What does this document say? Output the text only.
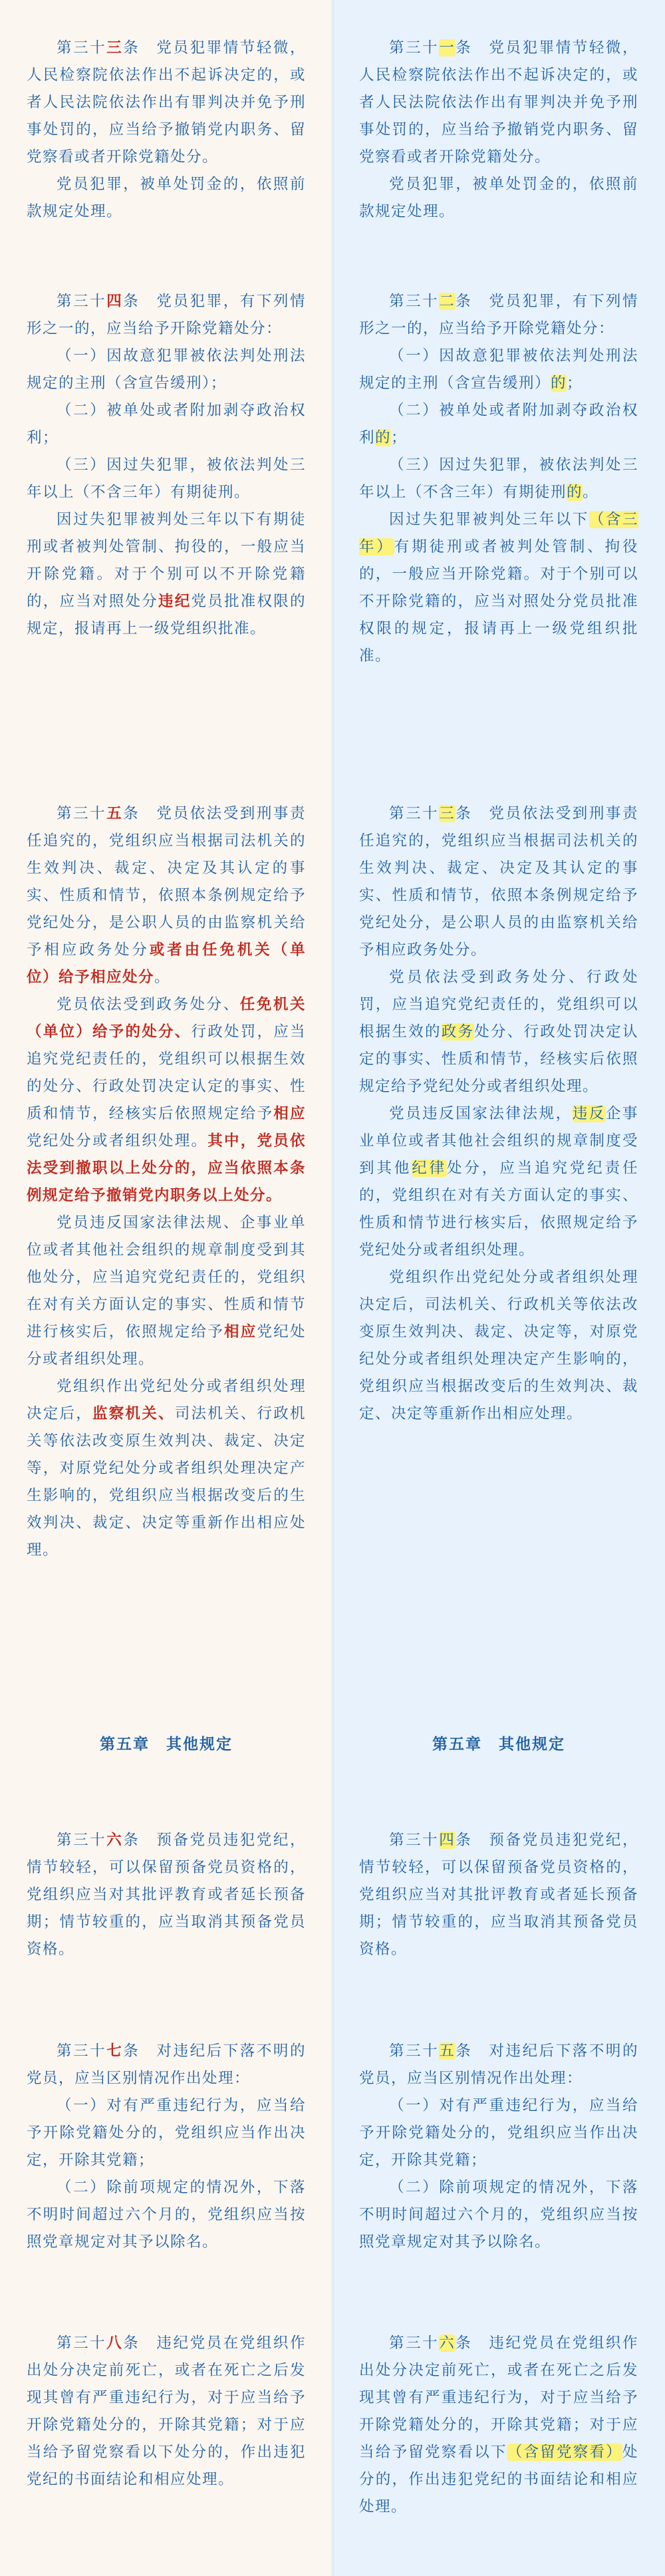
第三十三条　党员犯罪情节轻微，人民检察院依法作出不起诉决定的，或者人民法院依法作出有罪判决并免予刑事处罚的，应当给予撤销党内职务、留党察看或者开除党籍处分。

党员犯罪，被单处罚金的，依照前款规定处理。

第三十四条　党员犯罪，有下列情形之一的，应当给予开除党籍处分：

（一）因故意犯罪被依法判处刑法规定的主刑（含宣告缓刑）；

（二）被单处或者附加剥夺政治权利；

（三）因过失犯罪，被依法判处三年以上（不含三年）有期徒刑。

因过失犯罪被判处三年以下有期徒刑或者被判处管制、拘役的，一般应当开除党籍。对于个别可以不开除党籍的，应当对照处分违纪党员批准权限的规定，报请再上一级党组织批准。

第三十五条　党员依法受到刑事责任追究的，党组织应当根据司法机关的生效判决、裁定、决定及其认定的事实、性质和情节，依照本条例规定给予党纪处分，是公职人员的由监察机关给予相应政务处分或者由任免机关（单位）给予相应处分。

党员依法受到政务处分、任免机关（单位）给予的处分、行政处罚，应当追究党纪责任的，党组织可以根据生效的处分、行政处罚决定认定的事实、性质和情节，经核实后依照规定给予相应党纪处分或者组织处理。其中，党员依法受到撤职以上处分的，应当依照本条例规定给予撤销党内职务以上处分。

党员违反国家法律法规、企事业单位或者其他社会组织的规章制度受到其他处分，应当追究党纪责任的，党组织在对有关方面认定的事实、性质和情节进行核实后，依照规定给予相应党纪处分或者组织处理。

党组织作出党纪处分或者组织处理决定后，监察机关、司法机关、行政机关等依法改变原生效判决、裁定、决定等，对原党纪处分或者组织处理决定产生影响的，党组织应当根据改变后的生效判决、裁定、决定等重新作出相应处理。

第五章　其他规定

第三十六条　预备党员违犯党纪，情节较轻，可以保留预备党员资格的，党组织应当对其批评教育或者延长预备期；情节较重的，应当取消其预备党员资格。

第三十七条　对违纪后下落不明的党员，应当区别情况作出处理：

（一）对有严重违纪行为，应当给予开除党籍处分的，党组织应当作出决定，开除其党籍；

（二）除前项规定的情况外，下落不明时间超过六个月的，党组织应当按照党章规定对其予以除名。

第三十八条　违纪党员在党组织作出处分决定前死亡，或者在死亡之后发现其曾有严重违纪行为，对于应当给予开除党籍处分的，开除其党籍；对于应当给予留党察看以下处分的，作出违犯党纪的书面结论和相应处理。

第三十一条　党员犯罪情节轻微，人民检察院依法作出不起诉决定的，或者人民法院依法作出有罪判决并免予刑事处罚的，应当给予撤销党内职务、留党察看或者开除党籍处分。

党员犯罪，被单处罚金的，依照前款规定处理。

第三十二条　党员犯罪，有下列情形之一的，应当给予开除党籍处分：

（一）因故意犯罪被依法判处刑法规定的主刑（含宣告缓刑）的；

（二）被单处或者附加剥夺政治权利的；

（三）因过失犯罪，被依法判处三年以上（不含三年）有期徒刑的。

因过失犯罪被判处三年以下（含三年）有期徒刑或者被判处管制、拘役的，一般应当开除党籍。对于个别可以不开除党籍的，应当对照处分党员批准权限的规定，报请再上一级党组织批准。

第三十三条　党员依法受到刑事责任追究的，党组织应当根据司法机关的生效判决、裁定、决定及其认定的事实、性质和情节，依照本条例规定给予党纪处分，是公职人员的由监察机关给予相应政务处分。

党员依法受到政务处分、行政处罚，应当追究党纪责任的，党组织可以根据生效的政务处分、行政处罚决定认定的事实、性质和情节，经核实后依照规定给予党纪处分或者组织处理。

党员违反国家法律法规，违反企事业单位或者其他社会组织的规章制度受到其他纪律处分，应当追究党纪责任的，党组织在对有关方面认定的事实、性质和情节进行核实后，依照规定给予党纪处分或者组织处理。

党组织作出党纪处分或者组织处理决定后，司法机关、行政机关等依法改变原生效判决、裁定、决定等，对原党纪处分或者组织处理决定产生影响的，党组织应当根据改变后的生效判决、裁定、决定等重新作出相应处理。

第五章　其他规定

第三十四条　预备党员违犯党纪，情节较轻，可以保留预备党员资格的，党组织应当对其批评教育或者延长预备期；情节较重的，应当取消其预备党员资格。

第三十五条　对违纪后下落不明的党员，应当区别情况作出处理：

（一）对有严重违纪行为，应当给予开除党籍处分的，党组织应当作出决定，开除其党籍；

（二）除前项规定的情况外，下落不明时间超过六个月的，党组织应当按照党章规定对其予以除名。

第三十六条　违纪党员在党组织作出处分决定前死亡，或者在死亡之后发现其曾有严重违纪行为，对于应当给予开除党籍处分的，开除其党籍；对于应当给予留党察看以下（含留党察看）处分的，作出违犯党纪的书面结论和相应处理。
